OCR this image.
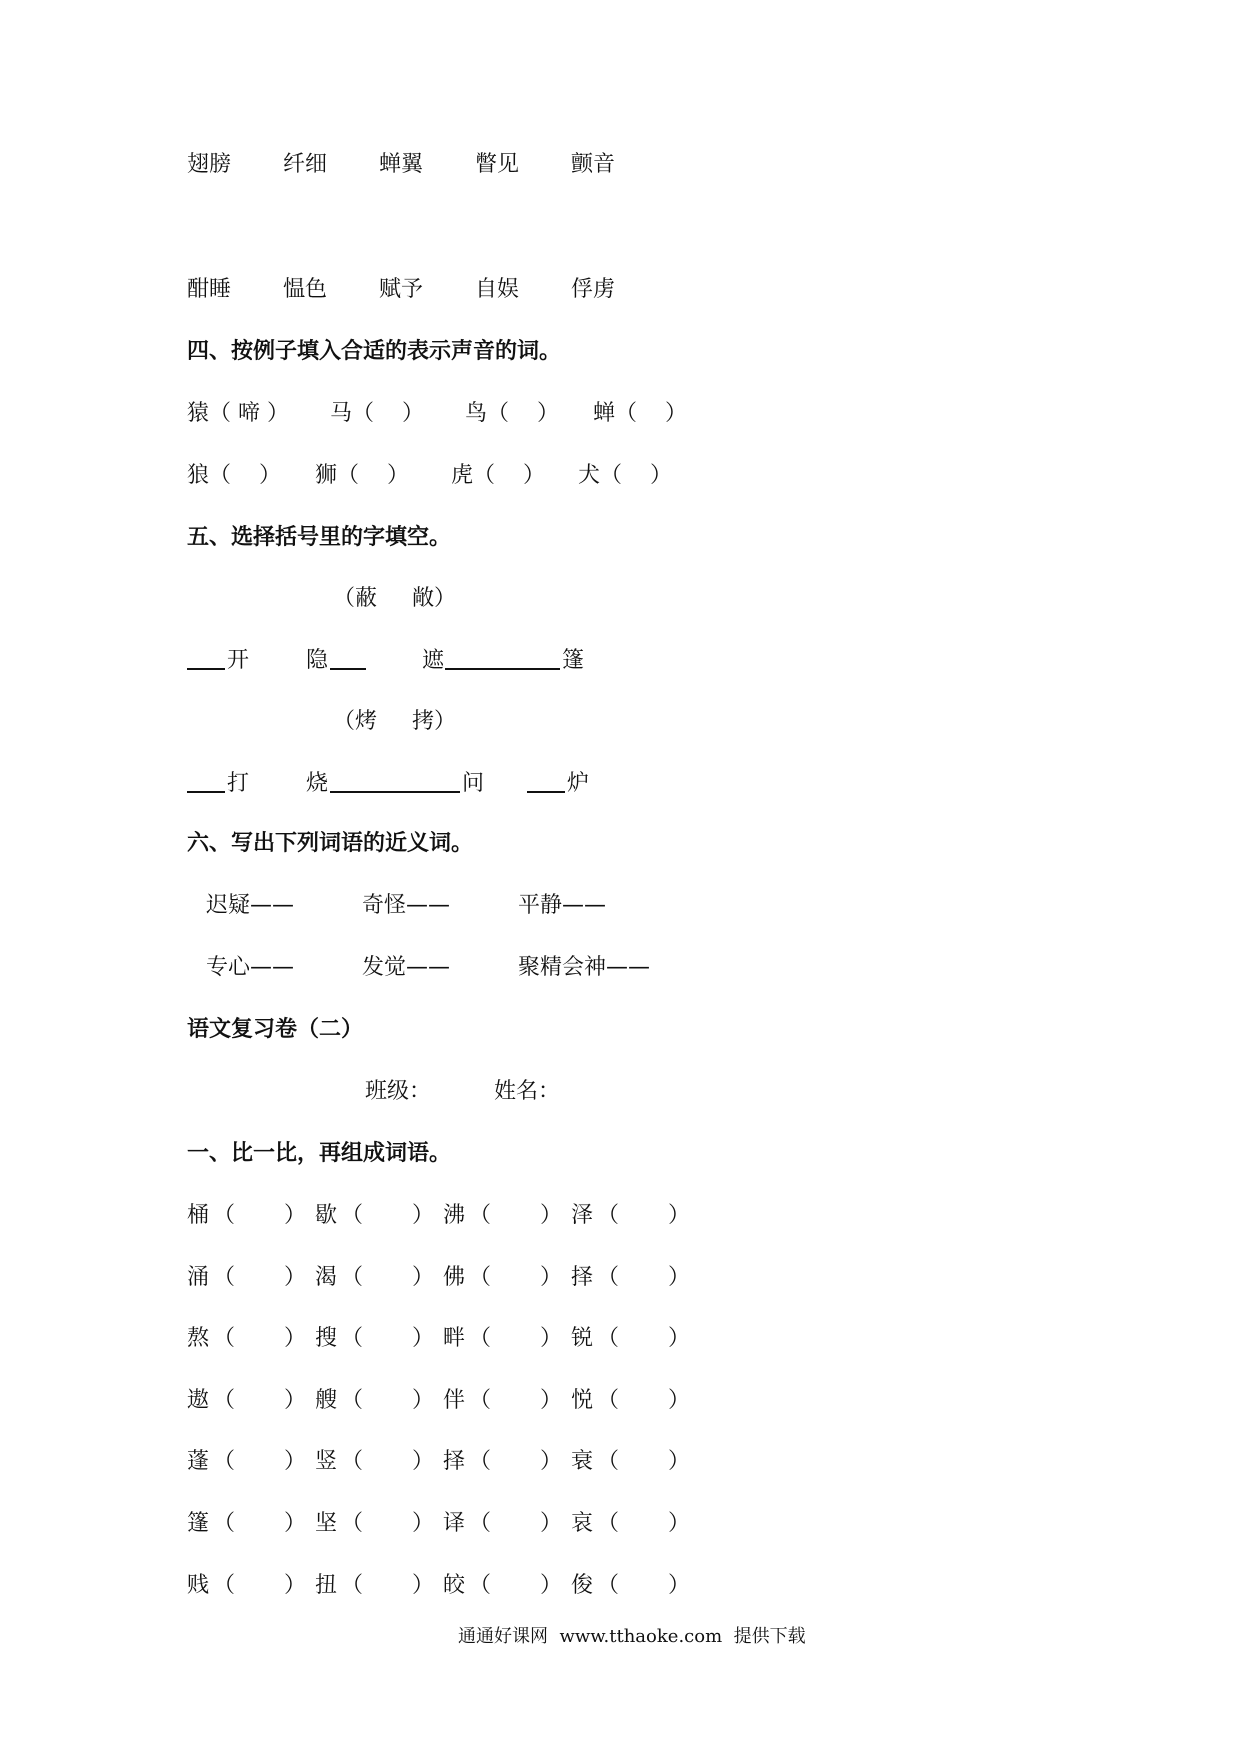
翅膀 纤细 蝉翼 瞥见 颤音
酣睡 愠色 赋予 自娱 俘虏
四、按例子填入合适的表示声音的词。
猿（ 啼 ） 马（    ） 鸟（    ） 蝉（    ）
狼（    ） 狮（    ） 虎（    ） 犬（    ）
五、选择括号里的字填空。
（蔽     敞）
开	隐	遮	篷
（烤     拷）
打	烧	问	炉
六、写出下列词语的近义词。
迟疑——	奇怪——	平静——
专心——	发觉——	聚精会神——
语文复习卷（二）
班级：	姓名：
一、比一比，再组成词语。
桶 （       ） 歇 （       ） 沸 （       ） 泽 （       ）
涌 （       ） 渴 （       ） 佛 （       ） 择 （       ）
熬 （       ） 搜 （       ） 畔 （       ） 锐 （       ）
遨 （       ） 艘 （       ） 伴 （       ） 悦 （       ）
蓬 （       ） 竖 （       ） 择 （       ） 衰 （       ）
篷 （       ） 坚 （       ） 译 （       ） 哀 （       ）
贱 （       ） 扭 （       ） 皎 （       ） 俊 （       ）
通通好课网  www.tthaoke.com  提供下载
